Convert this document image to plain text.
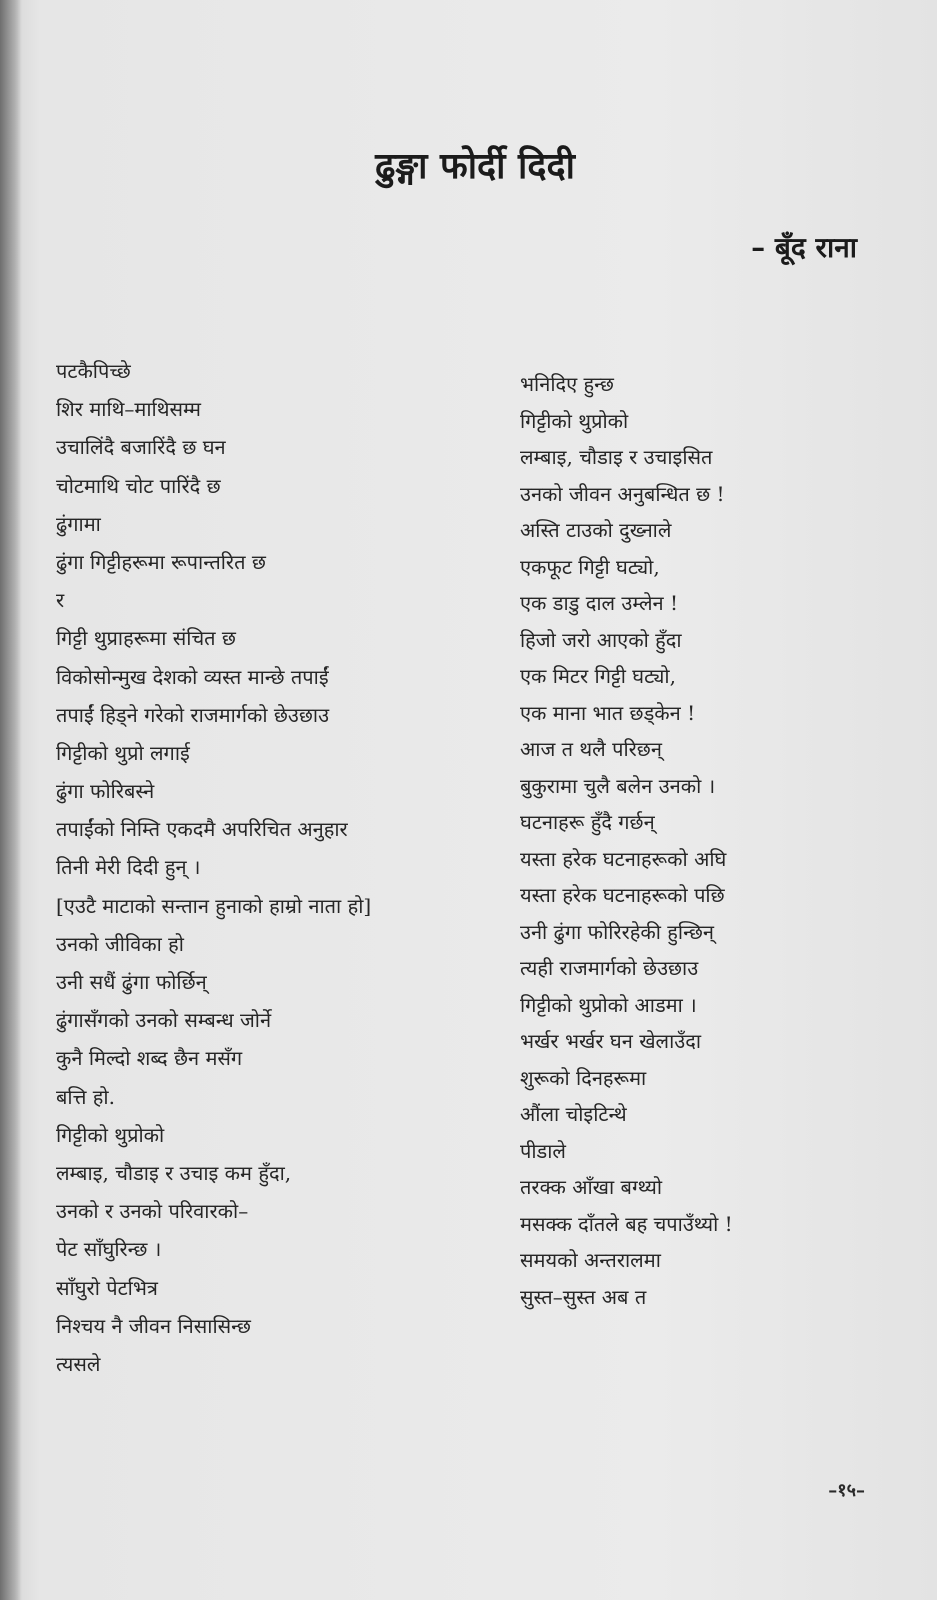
ढुङ्गा फोर्दी दिदी
– बूँद राना
पटकैपिच्छे
शिर माथि–माथिसम्म
उचालिंदै बजारिंदै छ घन
चोटमाथि चोट पारिंदै छ
ढुंगामा
ढुंगा गिट्टीहरूमा रूपान्तरित छ
र
गिट्टी थुप्राहरूमा संचित छ
विकोसोन्मुख देशको व्यस्त मान्छे तपाईं
तपाईं हिड्ने गरेको राजमार्गको छेउछाउ
गिट्टीको थुप्रो लगाई
ढुंगा फोरिबस्ने
तपाईंको निम्ति एकदमै अपरिचित अनुहार
तिनी मेरी दिदी हुन् ।
[एउटै माटाको सन्तान हुनाको हाम्रो नाता हो]
उनको जीविका हो
उनी सधैं ढुंगा फोर्छिन्
ढुंगासँगको उनको सम्बन्ध जोर्ने
कुनै मिल्दो शब्द छैन मसँग
बत्ति हो.
गिट्टीको थुप्रोको
लम्बाइ, चौडाइ र उचाइ कम हुँदा,
उनको र उनको परिवारको–
पेट साँघुरिन्छ ।
साँघुरो पेटभित्र
निश्चय नै जीवन निसासिन्छ
त्यसले
भनिदिए हुन्छ
गिट्टीको थुप्रोको
लम्बाइ, चौडाइ र उचाइसित
उनको जीवन अनुबन्धित छ !
अस्ति टाउको दुख्नाले
एकफूट गिट्टी घट्यो,
एक डाडु दाल उम्लेन !
हिजो जरो आएको हुँदा
एक मिटर गिट्टी घट्यो,
एक माना भात छड्केन !
आज त थलै परिछन्
बुकुरामा चुलै बलेन उनको ।
घटनाहरू हुँदै गर्छन्
यस्ता हरेक घटनाहरूको अघि
यस्ता हरेक घटनाहरूको पछि
उनी ढुंगा फोरिरहेकी हुन्छिन्
त्यही राजमार्गको छेउछाउ
गिट्टीको थुप्रोको आडमा ।
भर्खर भर्खर घन खेलाउँदा
शुरूको दिनहरूमा
औंला चोइटिन्थे
पीडाले
तरक्क आँखा बग्थ्यो
मसक्क दाँतले बह चपाउँथ्यो !
समयको अन्तरालमा
सुस्त–सुस्त अब त
–१५–
